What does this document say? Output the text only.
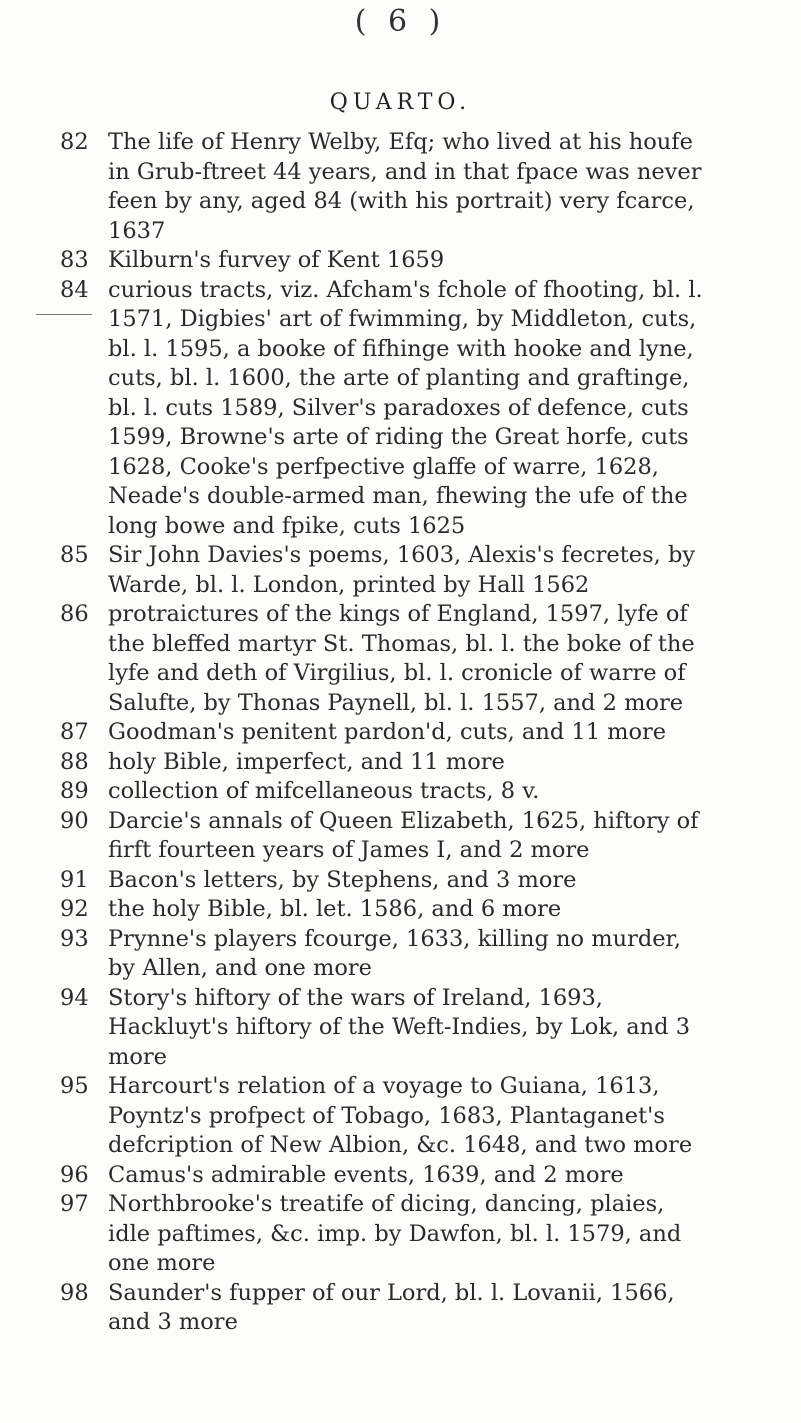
( 6 )
QUARTO.
82 The life of Henry Welby, Efq; who lived at his houfe in Grub-ftreet 44 years, and in that fpace was never feen by any, aged 84 (with his portrait) very fcarce, 1637
83 Kilburn's furvey of Kent 1659
84 curious tracts, viz. Afcham's fchole of fhooting, bl. l. 1571, Digbies' art of fwimming, by Middleton, cuts, bl. l. 1595, a booke of fifhinge with hooke and lyne, cuts, bl. l. 1600, the arte of planting and graftinge, bl. l. cuts 1589, Silver's paradoxes of defence, cuts 1599, Browne's arte of riding the Great horfe, cuts 1628, Cooke's perfpective glaffe of warre, 1628, Neade's double-armed man, fhewing the ufe of the long bowe and fpike, cuts 1625
85 Sir John Davies's poems, 1603, Alexis's fecretes, by Warde, bl. l. London, printed by Hall 1562
86 protraictures of the kings of England, 1597, lyfe of the bleffed martyr St. Thomas, bl. l. the boke of the lyfe and deth of Virgilius, bl. l. cronicle of warre of Salufte, by Thonas Paynell, bl. l. 1557, and 2 more
87 Goodman's penitent pardon'd, cuts, and 11 more
88 holy Bible, imperfect, and 11 more
89 collection of mifcellaneous tracts, 8 v.
90 Darcie's annals of Queen Elizabeth, 1625, hiftory of firft fourteen years of James I, and 2 more
91 Bacon's letters, by Stephens, and 3 more
92 the holy Bible, bl. let. 1586, and 6 more
93 Prynne's players fcourge, 1633, killing no murder, by Allen, and one more
94 Story's hiftory of the wars of Ireland, 1693, Hackluyt's hiftory of the Weft-Indies, by Lok, and 3 more
95 Harcourt's relation of a voyage to Guiana, 1613, Poyntz's profpect of Tobago, 1683, Plantaganet's defcription of New Albion, &c. 1648, and two more
96 Camus's admirable events, 1639, and 2 more
97 Northbrooke's treatife of dicing, dancing, plaies, idle paftimes, &c. imp. by Dawfon, bl. l. 1579, and one more
98 Saunder's fupper of our Lord, bl. l. Lovanii, 1566, and 3 more
